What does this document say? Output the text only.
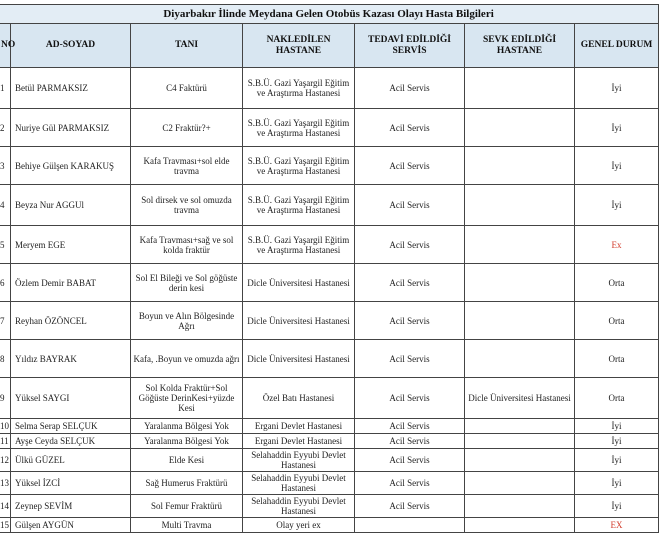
Diyarbakır İlinde Meydana Gelen Otobüs Kazası Olayı Hasta Bilgileri						
NO	AD-SOYAD	TANI	NAKLEDİLEN HASTANE	TEDAVİ EDİLDİĞİ SERVİS	SEVK EDİLDİĞİ HASTANE	GENEL DURUM
1	Betül PARMAKSIZ	C4 Faktürü	S.B.Ü. Gazi Yaşargil Eğitim ve Araştırma Hastanesi	Acil Servis		İyi
2	Nuriye Gül PARMAKSIZ	C2 Fraktür?+	S.B.Ü. Gazi Yaşargil Eğitim ve Araştırma Hastanesi	Acil Servis		İyi
3	Behiye Gülşen KARAKUŞ	Kafa Travması+sol elde travma	S.B.Ü. Gazi Yaşargil Eğitim ve Araştırma Hastanesi	Acil Servis		İyi
4	Beyza Nur AGGUl	Sol dirsek ve sol omuzda travma	S.B.Ü. Gazi Yaşargil Eğitim ve Araştırma Hastanesi	Acil Servis		İyi
5	Meryem EGE	Kafa Travması+sağ ve sol kolda fraktür	S.B.Ü. Gazi Yaşargil Eğitim ve Araştırma Hastanesi	Acil Servis		Ex
6	Özlem Demir BABAT	Sol El Bileği ve Sol göğüste derin kesi	Dicle Üniversitesi Hastanesi	Acil Servis		Orta
7	Reyhan ÖZÖNCEL	Boyun ve Alın Bölgesinde Ağrı	Dicle Üniversitesi Hastanesi	Acil Servis		Orta
8	Yıldız BAYRAK	Kafa, .Boyun ve omuzda ağrı	Dicle Üniversitesi Hastanesi	Acil Servis		Orta
9	Yüksel SAYGI	Sol Kolda Fraktür+Sol Göğüste DerinKesi+yüzde Kesi	Özel Batı Hastanesi	Acil Servis	Dicle Üniversitesi Hastanesi	Orta
10	Selma Serap SELÇUK	Yaralanma Bölgesi Yok	Ergani Devlet Hastanesi	Acil Servis		İyi
11	Ayşe Ceyda SELÇUK	Yaralanma Bölgesi Yok	Ergani Devlet Hastanesi	Acil Servis		İyi
12	Ülkü GÜZEL	Elde Kesi	Selahaddin Eyyubi Devlet Hastanesi	Acil Servis		İyi
13	Yüksel İZCİ	Sağ Humerus Fraktürü	Selahaddin Eyyubi Devlet Hastanesi	Acil Servis		İyi
14	Zeynep SEVİM	Sol Femur Fraktürü	Selahaddin Eyyubi Devlet Hastanesi	Acil Servis		İyi
15	Gülşen AYGÜN	Multi Travma	Olay yeri ex			EX
